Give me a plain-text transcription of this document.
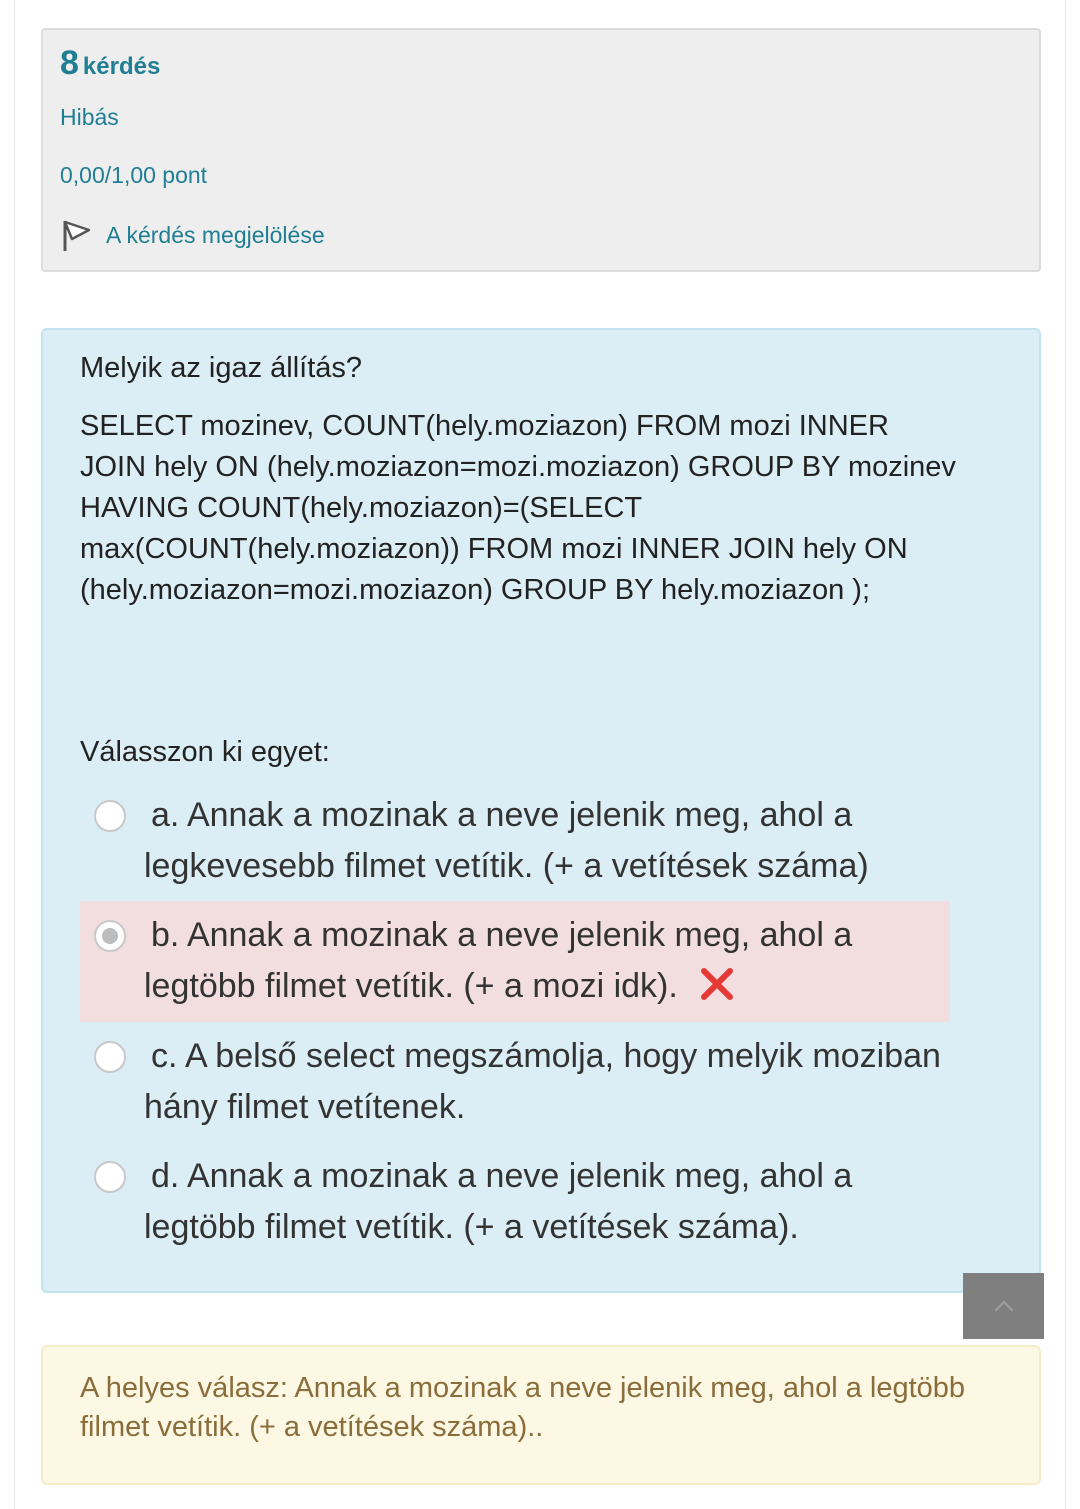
8 kérdés
Hibás
0,00/1,00 pont
A kérdés megjelölése
Melyik az igaz állítás?
SELECT mozinev, COUNT(hely.moziazon) FROM mozi INNER JOIN hely ON (hely.moziazon=mozi.moziazon) GROUP BY mozinev HAVING COUNT(hely.moziazon)=(SELECT max(COUNT(hely.moziazon)) FROM mozi INNER JOIN hely ON (hely.moziazon=mozi.moziazon) GROUP BY hely.moziazon );
Válasszon ki egyet:
a. Annak a mozinak a neve jelenik meg, ahol a legkevesebb filmet vetítik. (+ a vetítések száma)
b. Annak a mozinak a neve jelenik meg, ahol a legtöbb filmet vetítik. (+ a mozi idk).
c. A belső select megszámolja, hogy melyik moziban hány filmet vetítenek.
d. Annak a mozinak a neve jelenik meg, ahol a legtöbb filmet vetítik. (+ a vetítések száma).
A helyes válasz: Annak a mozinak a neve jelenik meg, ahol a legtöbb filmet vetítik. (+ a vetítések száma)..
